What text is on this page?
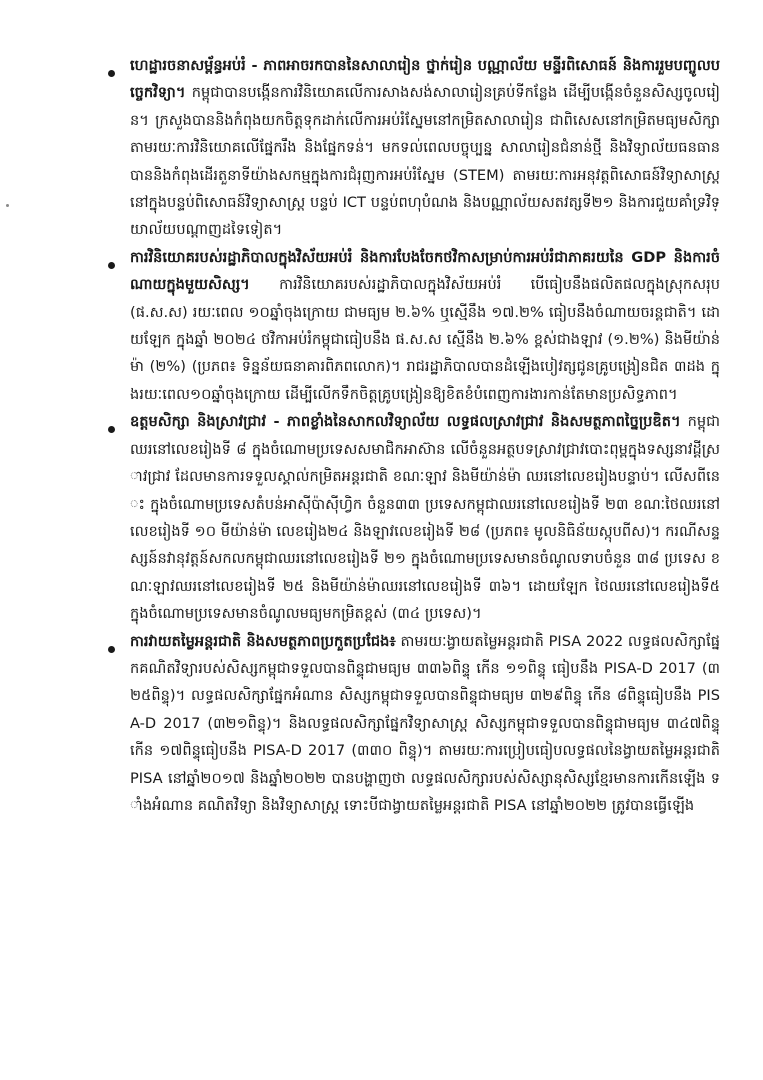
ហេដ្ឋារចនាសម្ព័ន្ធអប់រំ - ភាពអាចរកបាននៃសាលារៀន ថ្នាក់រៀន បណ្ណាល័យ មន្ទីរពិសោធន៍ និងការរួមបញ្ចូលបច្ចេកវិទ្យា។ កម្ពុជាបានបង្កើនការវិនិយោគលើការសាងសង់សាលារៀនគ្រប់ទីកន្លែង ដើម្បីបង្កើនចំនួនសិស្សចូលរៀន។ ក្រសួងបាននិងកំពុងយកចិត្តទុកដាក់លើការអប់រំស្នែមនៅកម្រិតសាលារៀន ជាពិសេសនៅកម្រិតមធ្យមសិក្សា តាមរយៈការវិនិយោគលើផ្នែករឹង និងផ្នែកទន់។ មកទល់ពេលបច្ចុប្បន្ន សាលារៀនជំនាន់ថ្មី និងវិទ្យាល័យធនធាន បាននិងកំពុងដើរតួនាទីយ៉ាងសកម្មក្នុងការជំរុញការអប់រំស្នែម (STEM) តាមរយៈការអនុវត្តពិសោធន៍វិទ្យាសាស្ត្រ នៅក្នុងបន្ទប់ពិសោធន៍វិទ្យាសាស្ត្រ បន្ទប់ ICT បន្ទប់ពហុបំណង និងបណ្ណាល័យសតវត្សទី២១ និងការជួយគាំទ្រវិទ្យាល័យបណ្តាញដទៃទៀត។

ការវិនិយោគរបស់រដ្ឋាភិបាលក្នុងវិស័យអប់រំ និងការបែងចែកថវិកាសម្រាប់ការអប់រំជាភាគរយនៃ GDP និងការចំណាយក្នុងមួយសិស្ស។ ការវិនិយោគរបស់រដ្ឋាភិបាលក្នុងវិស័យអប់រំ បើធៀបនឹងផលិតផលក្នុងស្រុកសរុប (ផ.ស.ស) រយៈពេល ១០ឆ្នាំចុងក្រោយ ជាមធ្យម ២.៦% ឬស្មើនឹង ១៧.២% ធៀបនឹងចំណាយចរន្តជាតិ។ ដោយឡែក ក្នុងឆ្នាំ ២០២៤ ថវិកាអប់រំកម្ពុជាធៀបនឹង ផ.ស.ស ស្មើនឹង ២.៦% ខ្ពស់ជាងឡាវ (១.២%) និងមីយ៉ាន់ម៉ា (២%) (ប្រភព៖ ទិន្នន័យធនាគារពិភពលោក)។ រាជរដ្ឋាភិបាលបានដំឡើងបៀវត្សជូនគ្រូបង្រៀនជិត ៣ដង ក្នុងរយៈពេល១០ឆ្នាំចុងក្រោយ ដើម្បីលើកទឹកចិត្តគ្រូបង្រៀនឱ្យខិតខំបំពេញការងារកាន់តែមានប្រសិទ្ធភាព។

ឧត្តមសិក្សា និងស្រាវជ្រាវ - ភាពខ្លាំងនៃសាកលវិទ្យាល័យ លទ្ធផលស្រាវជ្រាវ និងសមត្ថភាពច្នៃប្រឌិត។ កម្ពុជាឈរនៅលេខរៀងទី ៨ ក្នុងចំណោមប្រទេសសមាជិកអាស៊ាន លើចំនួនអត្ថបទស្រាវជ្រាវបោះពុម្ពក្នុងទស្សនាវដ្តីស្រាវជ្រាវ ដែលមានការទទួលស្គាល់កម្រិតអន្តរជាតិ ខណៈឡាវ និងមីយ៉ាន់ម៉ា ឈរនៅលេខរៀងបន្ទាប់។ លើសពីនេះ ក្នុងចំណោមប្រទេសតំបន់អាស៊ីប៉ាស៊ីហ្វិក ចំនួន៣៣ ប្រទេសកម្ពុជាឈរនៅលេខរៀងទី ២៣ ខណៈថៃឈរនៅលេខរៀងទី ១០ មីយ៉ាន់ម៉ា លេខរៀង២៤ និងឡាវលេខរៀងទី ២៨ (ប្រភព៖ មូលនិធិន័យស្កុបពីស)។ ករណីសន្ទស្សន៍នវានុវត្តន៍សកលកម្ពុជាឈរនៅលេខរៀងទី ២១ ក្នុងចំណោមប្រទេសមានចំណូលទាបចំនួន ៣៨ ប្រទេស ខណៈឡាវឈរនៅលេខរៀងទី ២៥ និងមីយ៉ាន់ម៉ាឈរនៅលេខរៀងទី ៣៦។ ដោយឡែក ថៃឈរនៅលេខរៀងទី៥ ក្នុងចំណោមប្រទេសមានចំណូលមធ្យមកម្រិតខ្ពស់ (៣៤ ប្រទេស)។

ការវាយតម្លៃអន្តរជាតិ និងសមត្ថភាពប្រកួតប្រជែង៖ តាមរយៈង្វាយតម្លៃអន្តរជាតិ PISA 2022 លទ្ធផលសិក្សាផ្នែកគណិតវិទ្យារបស់សិស្សកម្ពុជាទទួលបានពិន្ទុជាមធ្យម ៣៣៦ពិន្ទុ កើន ១១ពិន្ទុ ធៀបនឹង PISA-D 2017 (៣២៥ពិន្ទុ)។ លទ្ធផលសិក្សាផ្នែកអំណាន សិស្សកម្ពុជាទទួលបានពិន្ទុជាមធ្យម ៣២៩ពិន្ទុ កើន ៨ពិន្ទុធៀបនឹង PISA-D 2017 (៣២១ពិន្ទុ)។ និងលទ្ធផលសិក្សាផ្នែកវិទ្យាសាស្ត្រ សិស្សកម្ពុជាទទួលបានពិន្ទុជាមធ្យម ៣៤៧ពិន្ទុ កើន ១៧ពិន្ទុធៀបនឹង PISA-D 2017 (៣៣០ ពិន្ទុ)។ តាមរយៈការប្រៀបធៀបលទ្ធផលនៃង្វាយតម្លៃអន្តរជាតិ PISA នៅឆ្នាំ២០១៧ និងឆ្នាំ២០២២ បានបង្ហាញថា លទ្ធផលសិក្សារបស់សិស្សានុសិស្សខ្មែរមានការកើនឡើង ទាំងអំណាន គណិតវិទ្យា និងវិទ្យាសាស្ត្រ ទោះបីជាង្វាយតម្លៃអន្តរជាតិ PISA នៅឆ្នាំ២០២២ ត្រូវបានធ្វើឡើង
